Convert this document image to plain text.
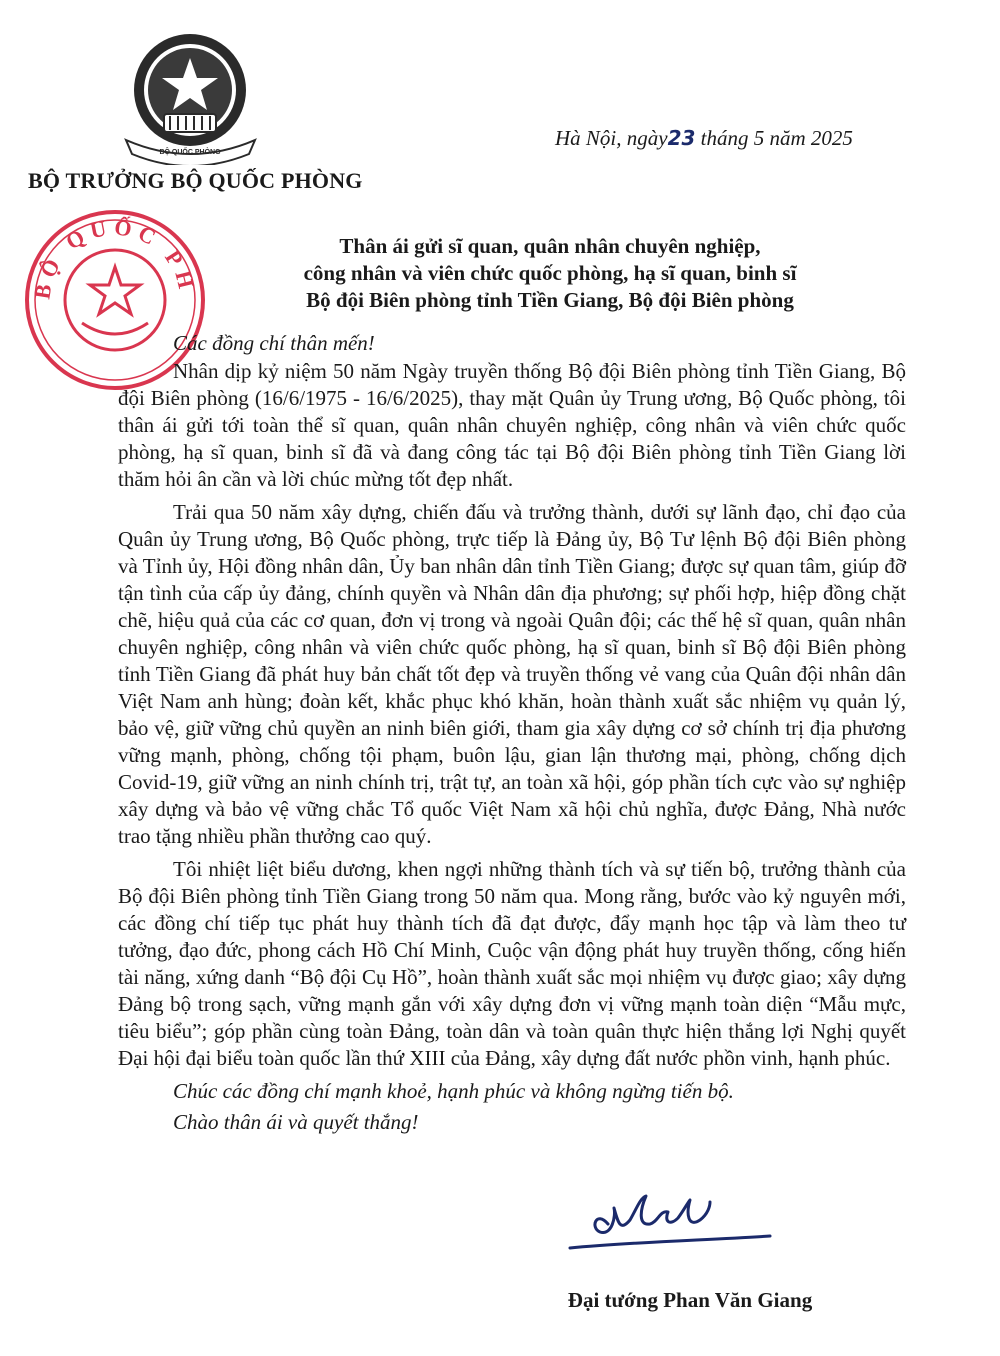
BỘ QUỐC PHÒNG
BỘ TRƯỞNG BỘ QUỐC PHÒNG
Hà Nội, ngày23 tháng 5 năm 2025
BỘ QUỐC PH
Thân ái gửi sĩ quan, quân nhân chuyên nghiệp,
công nhân và viên chức quốc phòng, hạ sĩ quan, binh sĩ
Bộ đội Biên phòng tỉnh Tiền Giang, Bộ đội Biên phòng
Các đồng chí thân mến!

Nhân dịp kỷ niệm 50 năm Ngày truyền thống Bộ đội Biên phòng tỉnh Tiền Giang, Bộ đội Biên phòng (16/6/1975 - 16/6/2025), thay mặt Quân ủy Trung ương, Bộ Quốc phòng, tôi thân ái gửi tới toàn thể sĩ quan, quân nhân chuyên nghiệp, công nhân và viên chức quốc phòng, hạ sĩ quan, binh sĩ đã và đang công tác tại Bộ đội Biên phòng tỉnh Tiền Giang lời thăm hỏi ân cần và lời chúc mừng tốt đẹp nhất.

Trải qua 50 năm xây dựng, chiến đấu và trưởng thành, dưới sự lãnh đạo, chỉ đạo của Quân ủy Trung ương, Bộ Quốc phòng, trực tiếp là Đảng ủy, Bộ Tư lệnh Bộ đội Biên phòng và Tỉnh ủy, Hội đồng nhân dân, Ủy ban nhân dân tỉnh Tiền Giang; được sự quan tâm, giúp đỡ tận tình của cấp ủy đảng, chính quyền và Nhân dân địa phương; sự phối hợp, hiệp đồng chặt chẽ, hiệu quả của các cơ quan, đơn vị trong và ngoài Quân đội; các thế hệ sĩ quan, quân nhân chuyên nghiệp, công nhân và viên chức quốc phòng, hạ sĩ quan, binh sĩ Bộ đội Biên phòng tỉnh Tiền Giang đã phát huy bản chất tốt đẹp và truyền thống vẻ vang của Quân đội nhân dân Việt Nam anh hùng; đoàn kết, khắc phục khó khăn, hoàn thành xuất sắc nhiệm vụ quản lý, bảo vệ, giữ vững chủ quyền an ninh biên giới, tham gia xây dựng cơ sở chính trị địa phương vững mạnh, phòng, chống tội phạm, buôn lậu, gian lận thương mại, phòng, chống dịch Covid-19, giữ vững an ninh chính trị, trật tự, an toàn xã hội, góp phần tích cực vào sự nghiệp xây dựng và bảo vệ vững chắc Tổ quốc Việt Nam xã hội chủ nghĩa, được Đảng, Nhà nước trao tặng nhiều phần thưởng cao quý.

Tôi nhiệt liệt biểu dương, khen ngợi những thành tích và sự tiến bộ, trưởng thành của Bộ đội Biên phòng tỉnh Tiền Giang trong 50 năm qua. Mong rằng, bước vào kỷ nguyên mới, các đồng chí tiếp tục phát huy thành tích đã đạt được, đẩy mạnh học tập và làm theo tư tưởng, đạo đức, phong cách Hồ Chí Minh, Cuộc vận động phát huy truyền thống, cống hiến tài năng, xứng danh “Bộ đội Cụ Hồ”, hoàn thành xuất sắc mọi nhiệm vụ được giao; xây dựng Đảng bộ trong sạch, vững mạnh gắn với xây dựng đơn vị vững mạnh toàn diện “Mẫu mực, tiêu biểu”; góp phần cùng toàn Đảng, toàn dân và toàn quân thực hiện thắng lợi Nghị quyết Đại hội đại biểu toàn quốc lần thứ XIII của Đảng, xây dựng đất nước phồn vinh, hạnh phúc.

Chúc các đồng chí mạnh khoẻ, hạnh phúc và không ngừng tiến bộ.
Chào thân ái và quyết thắng!
Đại tướng Phan Văn Giang
